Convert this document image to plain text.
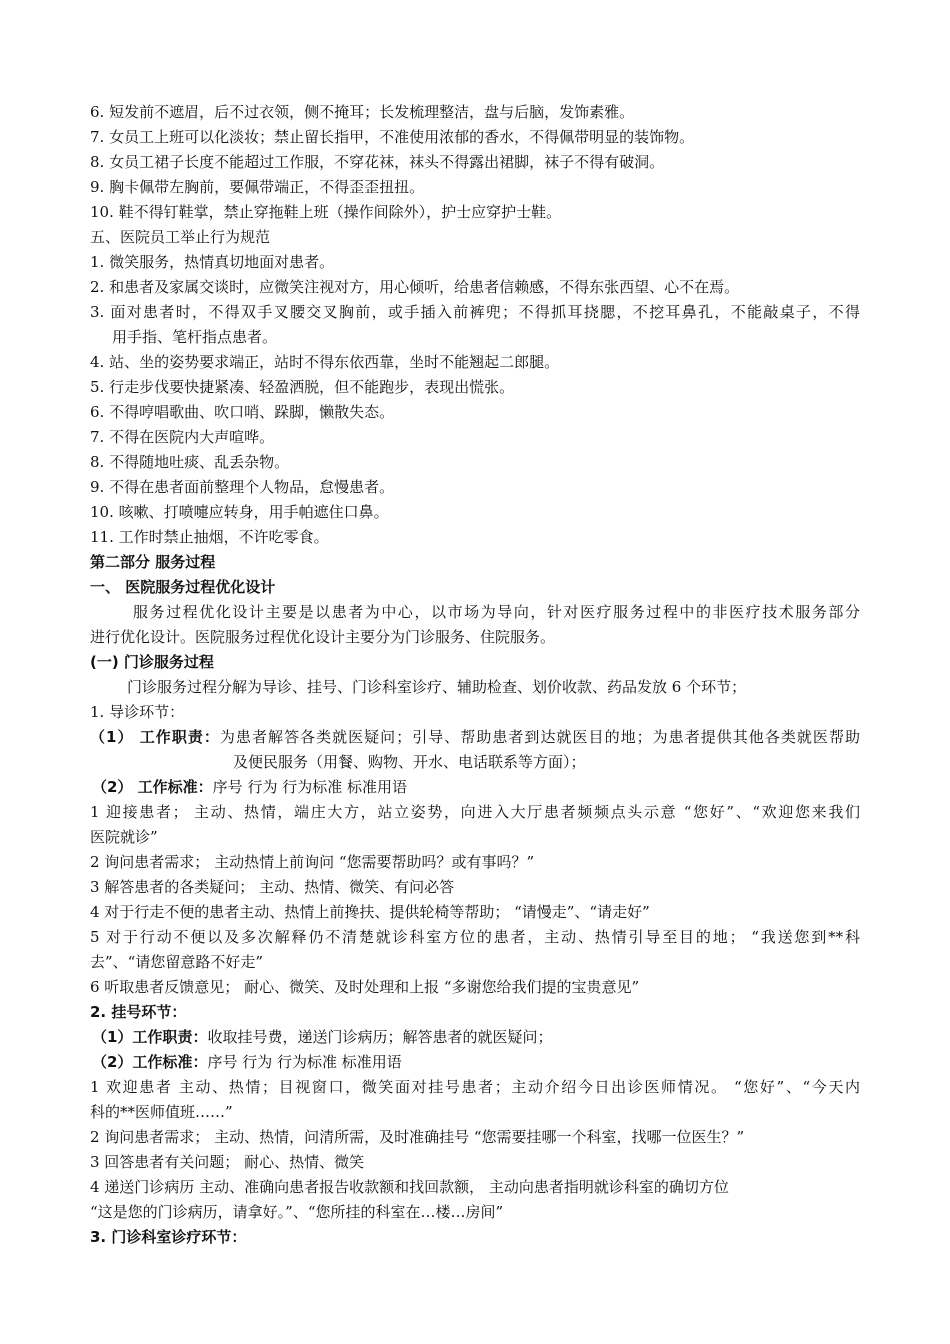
6. 短发前不遮眉，后不过衣领，侧不掩耳；长发梳理整洁，盘与后脑，发饰素雅。
7. 女员工上班可以化淡妆；禁止留长指甲，不准使用浓郁的香水，不得佩带明显的装饰物。
8. 女员工裙子长度不能超过工作服，不穿花袜，袜头不得露出裙脚，袜子不得有破洞。
9. 胸卡佩带左胸前，要佩带端正，不得歪歪扭扭。
10. 鞋不得钉鞋掌，禁止穿拖鞋上班（操作间除外），护士应穿护士鞋。
五、医院员工举止行为规范
1. 微笑服务，热情真切地面对患者。
2. 和患者及家属交谈时，应微笑注视对方，用心倾听，给患者信赖感，不得东张西望、心不在焉。
3. 面对患者时，不得双手叉腰交叉胸前，或手插入前裤兜；不得抓耳挠腮，不挖耳鼻孔，不能敲桌子，不得
用手指、笔杆指点患者。
4. 站、坐的姿势要求端正，站时不得东依西靠，坐时不能翘起二郎腿。
5. 行走步伐要快捷紧凑、轻盈洒脱，但不能跑步，表现出慌张。
6. 不得哼唱歌曲、吹口哨、跺脚，懒散失态。
7. 不得在医院内大声喧哗。
8. 不得随地吐痰、乱丢杂物。
9. 不得在患者面前整理个人物品，怠慢患者。
10. 咳嗽、打喷嚏应转身，用手帕遮住口鼻。
11. 工作时禁止抽烟，不许吃零食。
第二部分 服务过程
一、 医院服务过程优化设计
服务过程优化设计主要是以患者为中心，以市场为导向，针对医疗服务过程中的非医疗技术服务部分
进行优化设计。医院服务过程优化设计主要分为门诊服务、住院服务。
(一) 门诊服务过程
门诊服务过程分解为导诊、挂号、门诊科室诊疗、辅助检查、划价收款、药品发放 6 个环节；
1. 导诊环节：
（1） 工作职责：为患者解答各类就医疑问；引导、帮助患者到达就医目的地；为患者提供其他各类就医帮助
及便民服务（用餐、购物、开水、电话联系等方面）；
（2） 工作标准：序号 行为 行为标准 标准用语
1 迎接患者； 主动、热情，端庄大方，站立姿势，向进入大厅患者频频点头示意 “您好”、“欢迎您来我们
医院就诊”
2 询问患者需求； 主动热情上前询问 “您需要帮助吗？或有事吗？”
3 解答患者的各类疑问； 主动、热情、微笑、有问必答
4 对于行走不便的患者主动、热情上前搀扶、提供轮椅等帮助； “请慢走”、“请走好”
5 对于行动不便以及多次解释仍不清楚就诊科室方位的患者，主动、热情引导至目的地； “我送您到**科
去”、“请您留意路不好走”
6 听取患者反馈意见； 耐心、微笑、及时处理和上报 “多谢您给我们提的宝贵意见”
2. 挂号环节：
（1）工作职责：收取挂号费，递送门诊病历；解答患者的就医疑问；
（2）工作标准：序号 行为 行为标准 标准用语
1 欢迎患者 主动、热情；目视窗口，微笑面对挂号患者；主动介绍今日出诊医师情况。 “您好”、“今天内
科的**医师值班……”
2 询问患者需求； 主动、热情，问清所需，及时准确挂号 “您需要挂哪一个科室，找哪一位医生？”
3 回答患者有关问题； 耐心、热情、微笑
4 递送门诊病历 主动、准确向患者报告收款额和找回款额， 主动向患者指明就诊科室的确切方位
“这是您的门诊病历，请拿好。”、“您所挂的科室在…楼…房间”
3. 门诊科室诊疗环节：
